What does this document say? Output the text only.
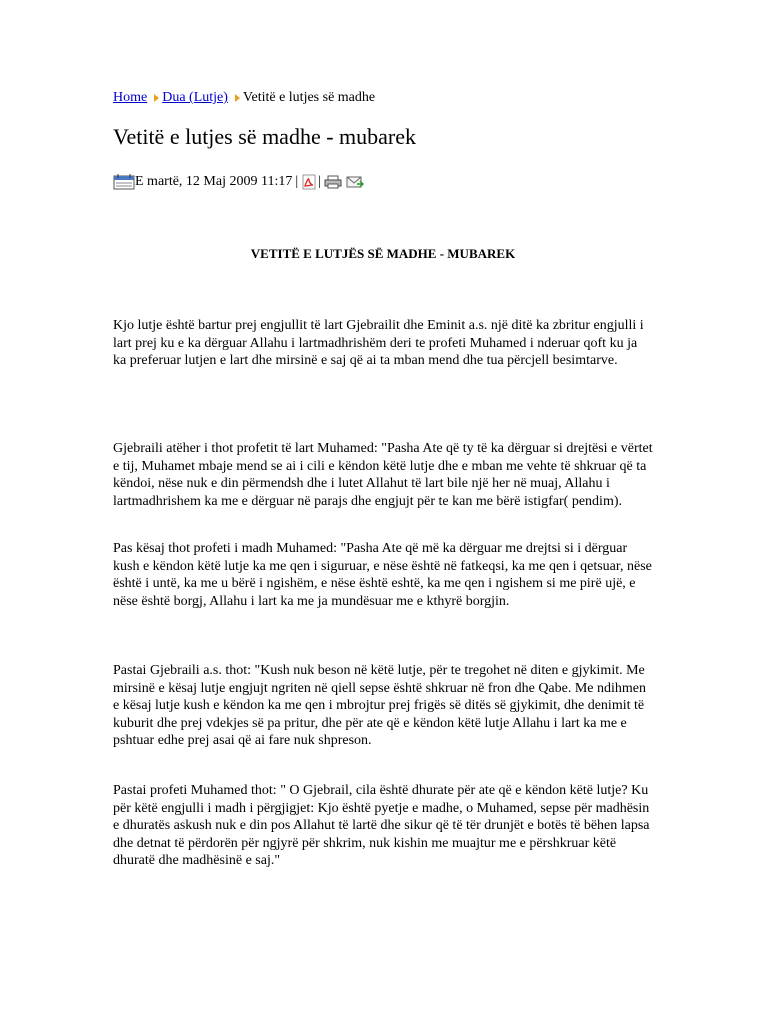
Home Dua (Lutje) Vetitë e lutjes së madhe
Vetitë e lutjes së madhe - mubarek
E martë, 12 Maj 2009 11:17 | |
VETITË E LUTJËS SË MADHE - MUBAREK

Kjo lutje është bartur prej engjullit të lart Gjebrailit dhe Eminit a.s. një ditë ka zbritur engjulli i lart prej ku e ka dërguar Allahu i lartmadhrishëm deri te profeti Muhamed i nderuar qoft ku ja ka preferuar lutjen e lart dhe mirsinë e saj që ai ta mban mend dhe tua përcjell besimtarve.

Gjebraili atëher i thot profetit të lart Muhamed: "Pasha Ate që ty të ka dërguar si drejtësi e vërtet e tij, Muhamet mbaje mend se ai i cili e këndon këtë lutje dhe e mban me vehte të shkruar që ta këndoi, nëse nuk e din përmendsh dhe i lutet Allahut të lart bile një her në muaj, Allahu i lartmadhrishem ka me e dërguar në parajs dhe engjujt për te kan me bërë istigfar( pendim).

Pas kësaj thot profeti i madh Muhamed: "Pasha Ate që më ka dërguar me drejtsi si i dërguar kush e këndon këtë lutje ka me qen i siguruar, e nëse është në fatkeqsi, ka me qen i qetsuar, nëse është i untë, ka me u bërë i ngishëm, e nëse është eshtë, ka me qen i ngishem si me pirë ujë, e nëse është borgj, Allahu i lart ka me ja mundësuar me e kthyrë borgjin.

Pastai Gjebraili a.s. thot: "Kush nuk beson në këtë lutje, për te tregohet në diten e gjykimit. Me mirsinë e kësaj lutje engjujt ngriten në qiell sepse është shkruar në fron dhe Qabe. Me ndihmen e kësaj lutje kush e këndon ka me qen i mbrojtur prej frigës së ditës së gjykimit, dhe denimit të kuburit dhe prej vdekjes së pa pritur, dhe për ate që e këndon këtë lutje Allahu i lart ka me e pshtuar edhe prej asai që ai fare nuk shpreson.

Pastai profeti Muhamed thot: " O Gjebrail, cila është dhurate për ate që e këndon këtë lutje? Ku për këtë engjulli i madh i përgjigjet: Kjo është pyetje e madhe, o Muhamed, sepse për madhësin e dhuratës askush nuk e din pos Allahut të lartë dhe sikur që të tër drunjët e botës të bëhen lapsa dhe detnat të përdorën për ngjyrë për shkrim, nuk kishin me muajtur me e përshkruar këtë dhuratë dhe madhësinë e saj."
